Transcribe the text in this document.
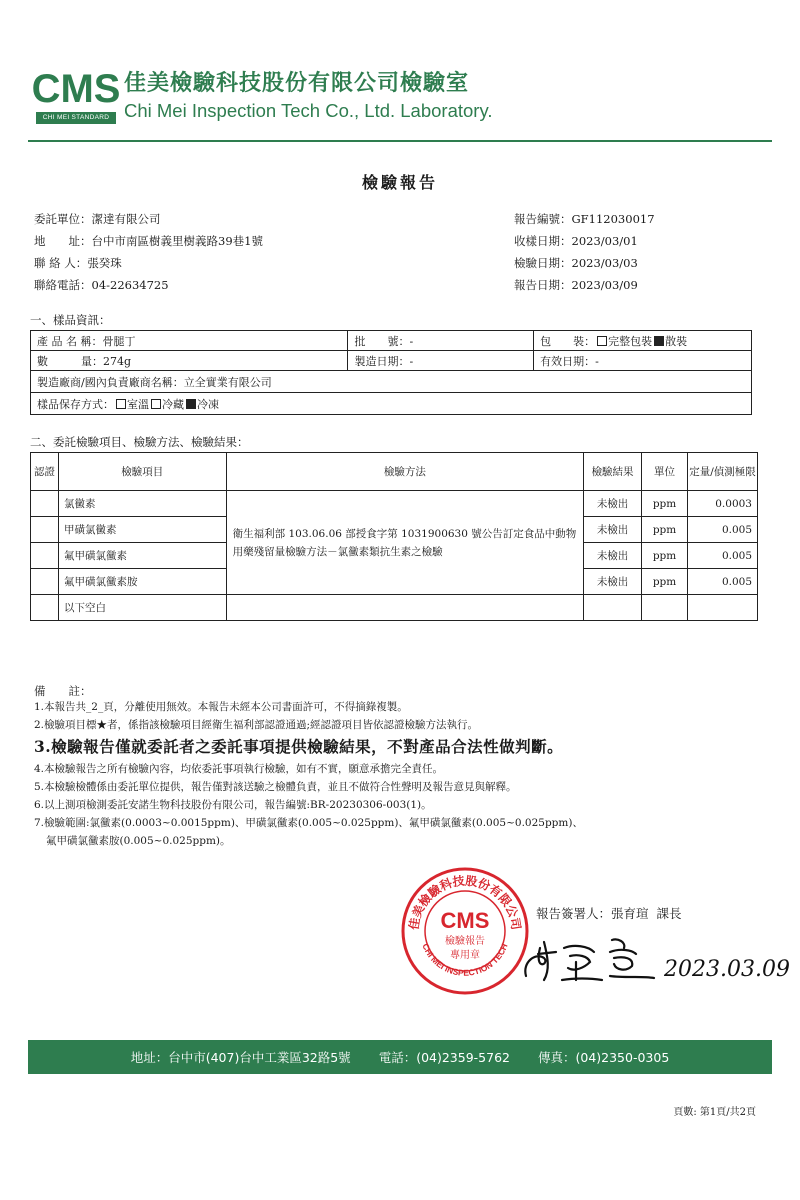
CMS
CHI MEI STANDARD
佳美檢驗科技股份有限公司檢驗室
Chi Mei Inspection Tech Co., Ltd. Laboratory.
檢驗報告
委託單位：潔達有限公司
地　　址：台中市南區樹義里樹義路39巷1號
聯 絡 人：張癸珠
聯絡電話：04-22634725
報告編號：GF112030017
收樣日期：2023/03/01
檢驗日期：2023/03/03
報告日期：2023/03/09
一、樣品資訊：
產 品 名 稱：骨腿丁	批　　號：-	包　　裝： 完整包裝 散裝
數　　　量：274g	製造日期：-	有效日期：-
製造廠商/國內負責廠商名稱：立全實業有限公司		
樣品保存方式： 室溫 冷藏 冷凍		
二、委託檢驗項目、檢驗方法、檢驗結果：
認證	檢驗項目	檢驗方法	檢驗結果	單位	定量/偵測極限
	氯黴素	衛生福利部 103.06.06 部授食字第 1031900630 號公告訂定食品中動物用藥殘留量檢驗方法－氯黴素類抗生素之檢驗	未檢出	ppm	0.0003
	甲磺氯黴素		未檢出	ppm	0.005
	氟甲磺氯黴素		未檢出	ppm	0.005
	氟甲磺氯黴素胺		未檢出	ppm	0.005
	以下空白				
備　　註：
1.本報告共_2_頁，分離使用無效。本報告未經本公司書面許可，不得摘錄複製。
2.檢驗項目標★者，係指該檢驗項目經衛生福利部認證通過;經認證項目皆依認證檢驗方法執行。
3.檢驗報告僅就委託者之委託事項提供檢驗結果，不對產品合法性做判斷。
4.本檢驗報告之所有檢驗內容，均依委託事項執行檢驗，如有不實，願意承擔完全責任。
5.本檢驗檢體係由委託單位提供，報告僅對該送驗之檢體負責，並且不做符合性聲明及報告意見與解釋。
6.以上測項檢測委託安諾生物科技股份有限公司，報告編號:BR-20230306-003(1)。
7.檢驗範圍:氯黴素(0.0003~0.0015ppm)、甲磺氯黴素(0.005~0.025ppm)、氟甲磺氯黴素(0.005~0.025ppm)、
氟甲磺氯黴素胺(0.005~0.025ppm)。
佳美檢驗科技股份有限公司
CHI MEI INSPECTION TECH
CMS
檢驗報告
專用章
報告簽署人：張育瑄 課長
2023.03.09
地址：台中市(407)台中工業區32路5號 電話：(04)2359-5762 傳真：(04)2350-0305
頁數: 第1頁/共2頁
